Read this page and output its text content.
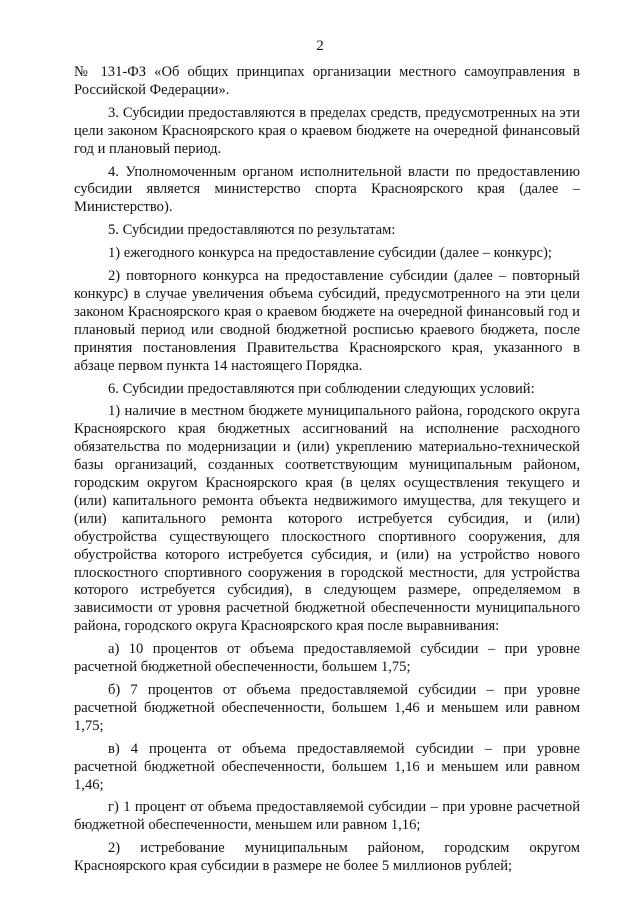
2

№ 131-ФЗ «Об общих принципах организации местного самоуправления в Российской Федерации».

3. Субсидии предоставляются в пределах средств, предусмотренных на эти цели законом Красноярского края о краевом бюджете на очередной финансовый год и плановый период.

4. Уполномоченным органом исполнительной власти по предоставлению субсидии является министерство спорта Красноярского края (далее – Министерство).

5. Субсидии предоставляются по результатам:

1) ежегодного конкурса на предоставление субсидии (далее – конкурс);

2) повторного конкурса на предоставление субсидии (далее – повторный конкурс) в случае увеличения объема субсидий, предусмотренного на эти цели законом Красноярского края о краевом бюджете на очередной финансовый год и плановый период или сводной бюджетной росписью краевого бюджета, после принятия постановления Правительства Красноярского края, указанного в абзаце первом пункта 14 настоящего Порядка.

6. Субсидии предоставляются при соблюдении следующих условий:

1) наличие в местном бюджете муниципального района, городского округа Красноярского края бюджетных ассигнований на исполнение расходного обязательства по модернизации и (или) укреплению материально-технической базы организаций, созданных соответствующим муниципальным районом, городским округом Красноярского края (в целях осуществления текущего и (или) капитального ремонта объекта недвижимого имущества, для текущего и (или) капитального ремонта которого истребуется субсидия, и (или) обустройства существующего плоскостного спортивного сооружения, для обустройства которого истребуется субсидия, и (или) на устройство нового плоскостного спортивного сооружения в городской местности, для устройства которого истребуется субсидия), в следующем размере, определяемом в зависимости от уровня расчетной бюджетной обеспеченности муниципального района, городского округа Красноярского края после выравнивания:

а) 10 процентов от объема предоставляемой субсидии – при уровне расчетной бюджетной обеспеченности, большем 1,75;

б) 7 процентов от объема предоставляемой субсидии – при уровне расчетной бюджетной обеспеченности, большем 1,46 и меньшем или равном 1,75;

в) 4 процента от объема предоставляемой субсидии – при уровне расчетной бюджетной обеспеченности, большем 1,16 и меньшем или равном 1,46;

г) 1 процент от объема предоставляемой субсидии – при уровне расчетной бюджетной обеспеченности, меньшем или равном 1,16;

2) истребование муниципальным районом, городским округом Красноярского края субсидии в размере не более 5 миллионов рублей;
